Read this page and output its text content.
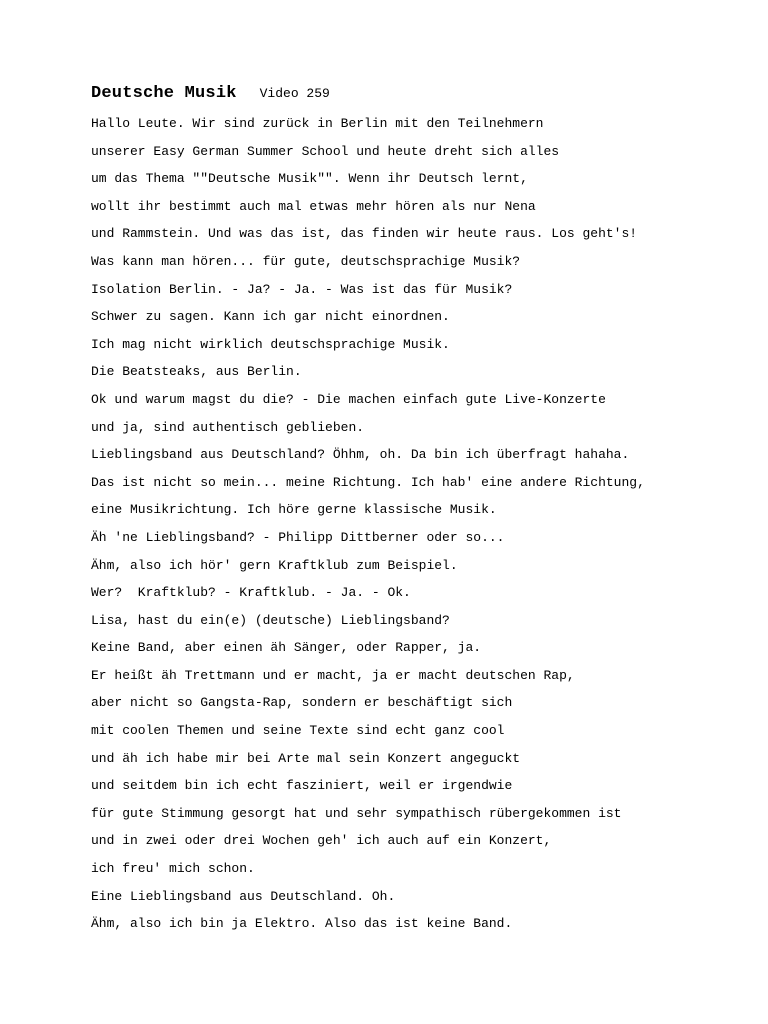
Deutsche Musik Video 259
Hallo Leute. Wir sind zurück in Berlin mit den Teilnehmern
unserer Easy German Summer School und heute dreht sich alles
um das Thema ""Deutsche Musik"". Wenn ihr Deutsch lernt,
wollt ihr bestimmt auch mal etwas mehr hören als nur Nena
und Rammstein. Und was das ist, das finden wir heute raus. Los geht's!
Was kann man hören... für gute, deutschsprachige Musik?
Isolation Berlin. - Ja? - Ja. - Was ist das für Musik?
Schwer zu sagen. Kann ich gar nicht einordnen.
Ich mag nicht wirklich deutschsprachige Musik.
Die Beatsteaks, aus Berlin.
Ok und warum magst du die? - Die machen einfach gute Live-Konzerte
und ja, sind authentisch geblieben.
Lieblingsband aus Deutschland? Öhhm, oh. Da bin ich überfragt hahaha.
Das ist nicht so mein... meine Richtung. Ich hab' eine andere Richtung,
eine Musikrichtung. Ich höre gerne klassische Musik.
Äh 'ne Lieblingsband? - Philipp Dittberner oder so...
Ähm, also ich hör' gern Kraftklub zum Beispiel.
Wer?  Kraftklub? - Kraftklub. - Ja. - Ok.
Lisa, hast du ein(e) (deutsche) Lieblingsband?
Keine Band, aber einen äh Sänger, oder Rapper, ja.
Er heißt äh Trettmann und er macht, ja er macht deutschen Rap,
aber nicht so Gangsta-Rap, sondern er beschäftigt sich
mit coolen Themen und seine Texte sind echt ganz cool
und äh ich habe mir bei Arte mal sein Konzert angeguckt
und seitdem bin ich echt fasziniert, weil er irgendwie
für gute Stimmung gesorgt hat und sehr sympathisch rübergekommen ist
und in zwei oder drei Wochen geh' ich auch auf ein Konzert,
ich freu' mich schon.
Eine Lieblingsband aus Deutschland. Oh.
Ähm, also ich bin ja Elektro. Also das ist keine Band.
